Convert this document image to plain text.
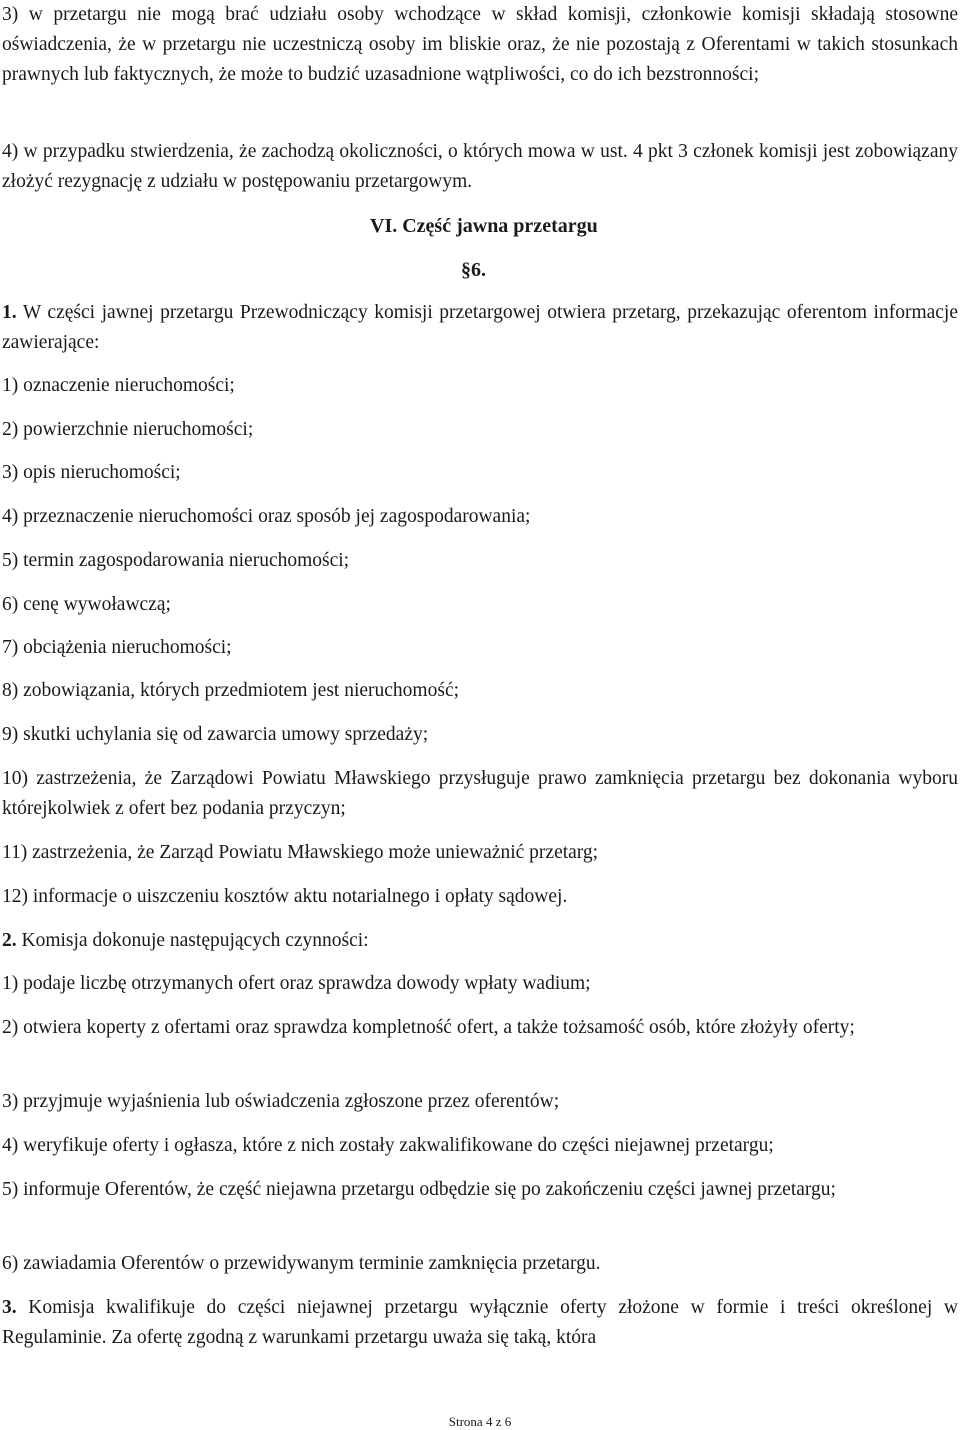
3) w przetargu nie mogą brać udziału osoby wchodzące w skład komisji, członkowie komisji składają stosowne oświadczenia, że w przetargu nie uczestniczą osoby im bliskie oraz, że nie pozostają z Oferentami w takich stosunkach prawnych lub faktycznych, że może to budzić uzasadnione wątpliwości, co do ich bezstronności;

4) w przypadku stwierdzenia, że zachodzą okoliczności, o których mowa w ust. 4 pkt 3 członek komisji jest zobowiązany złożyć rezygnację z udziału w postępowaniu przetargowym.

VI. Część jawna przetargu
§6.

1. W części jawnej przetargu Przewodniczący komisji przetargowej otwiera przetarg, przekazując oferentom informacje zawierające:

1) oznaczenie nieruchomości;

2) powierzchnie nieruchomości;

3) opis nieruchomości;

4) przeznaczenie nieruchomości oraz sposób jej zagospodarowania;

5) termin zagospodarowania nieruchomości;

6) cenę wywoławczą;

7) obciążenia nieruchomości;

8) zobowiązania, których przedmiotem jest nieruchomość;

9) skutki uchylania się od zawarcia umowy sprzedaży;

10) zastrzeżenia, że Zarządowi Powiatu Mławskiego przysługuje prawo zamknięcia przetargu bez dokonania wyboru którejkolwiek z ofert bez podania przyczyn;

11) zastrzeżenia, że Zarząd Powiatu Mławskiego może unieważnić przetarg;

12) informacje o uiszczeniu kosztów aktu notarialnego i opłaty sądowej.

2. Komisja dokonuje następujących czynności:

1) podaje liczbę otrzymanych ofert oraz sprawdza dowody wpłaty wadium;

2) otwiera koperty z ofertami oraz sprawdza kompletność ofert, a także tożsamość osób, które złożyły oferty;

3) przyjmuje wyjaśnienia lub oświadczenia zgłoszone przez oferentów;

4) weryfikuje oferty i ogłasza, które z nich zostały zakwalifikowane do części niejawnej przetargu;

5) informuje Oferentów, że część niejawna przetargu odbędzie się po zakończeniu części jawnej przetargu;

6) zawiadamia Oferentów o przewidywanym terminie zamknięcia przetargu.

3. Komisja kwalifikuje do części niejawnej przetargu wyłącznie oferty złożone w formie i treści określonej w Regulaminie. Za ofertę zgodną z warunkami przetargu uważa się taką, która

Strona 4 z 6
